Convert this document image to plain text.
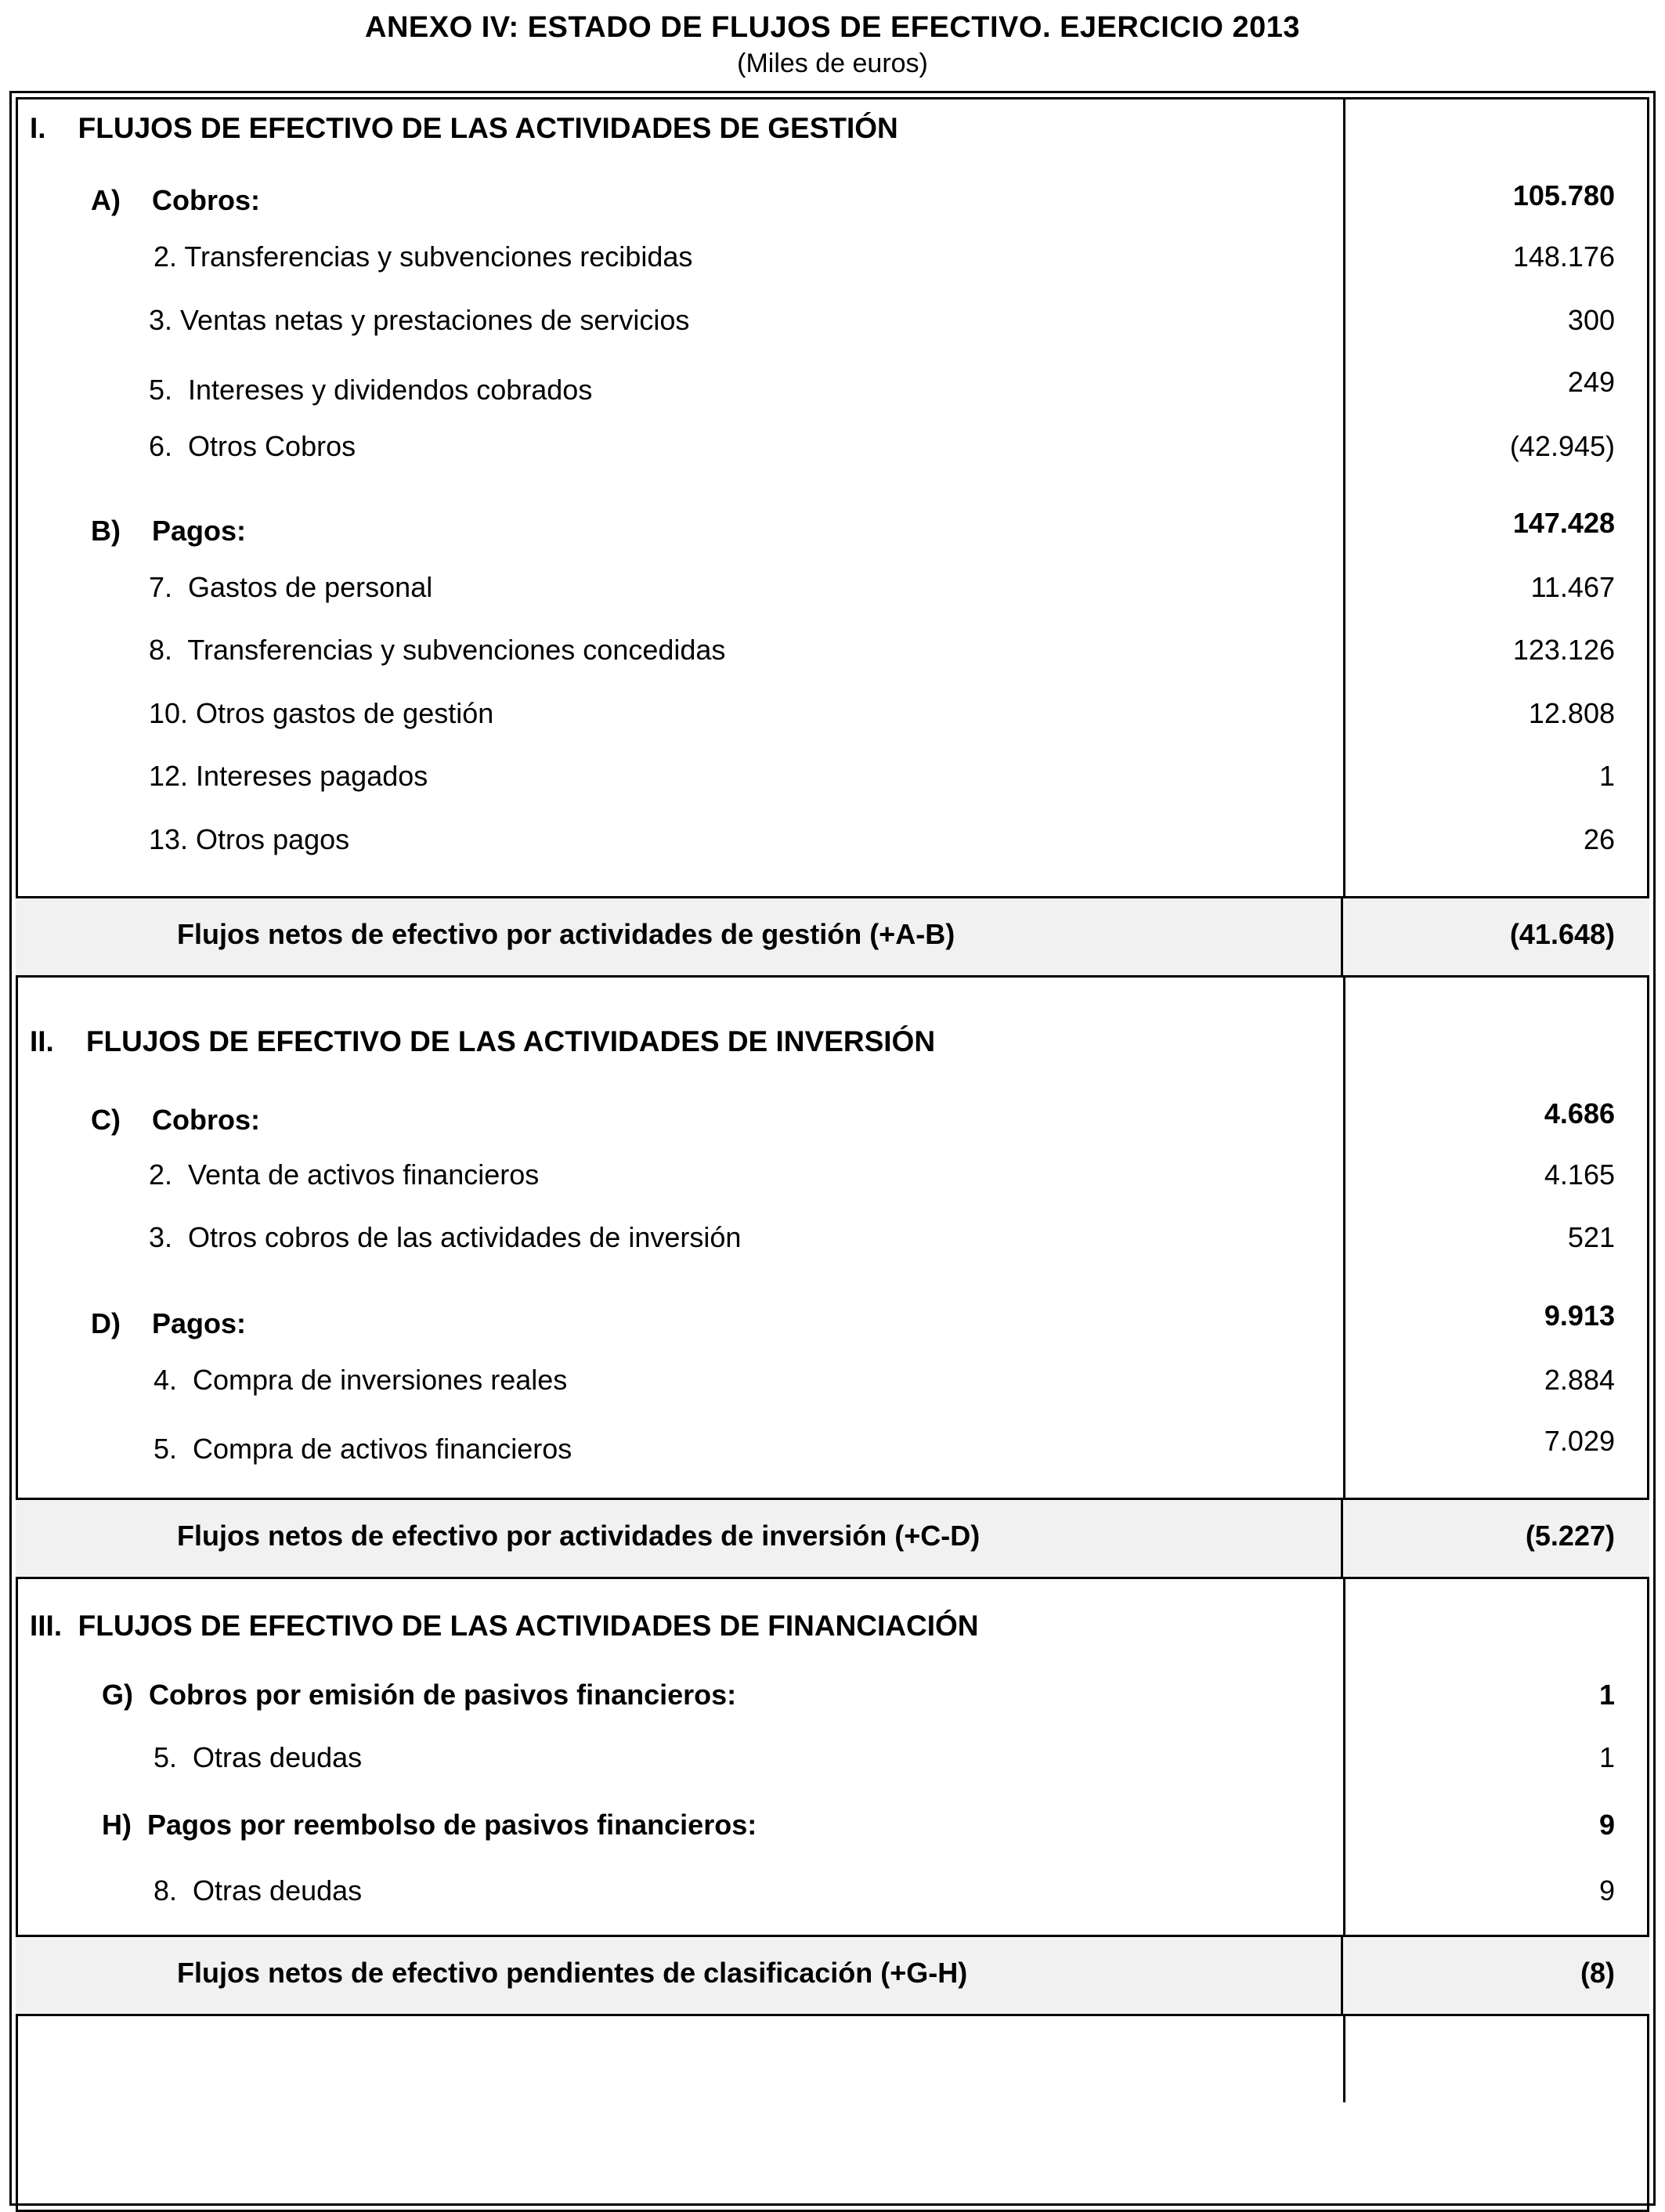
ANEXO IV: ESTADO DE FLUJOS DE EFECTIVO. EJERCICIO 2013
(Miles de euros)
I.    FLUJOS DE EFECTIVO DE LAS ACTIVIDADES DE GESTIÓN
A)    Cobros:	105.780
2. Transferencias y subvenciones recibidas	148.176
3. Ventas netas y prestaciones de servicios	300
5.  Intereses y dividendos cobrados	249
6.  Otros Cobros	(42.945)
B)    Pagos:	147.428
7.  Gastos de personal	11.467
8.  Transferencias y subvenciones concedidas	123.126
10. Otros gastos de gestión	12.808
12. Intereses pagados	1
13. Otros pagos	26
Flujos netos de efectivo por actividades de gestión (+A-B)	(41.648)
II.    FLUJOS DE EFECTIVO DE LAS ACTIVIDADES DE INVERSIÓN
C)    Cobros:	4.686
2.  Venta de activos financieros	4.165
3.  Otros cobros de las actividades de inversión	521
D)    Pagos:	9.913
4.  Compra de inversiones reales	2.884
5.  Compra de activos financieros	7.029
Flujos netos de efectivo por actividades de inversión (+C-D)	(5.227)
III.  FLUJOS DE EFECTIVO DE LAS ACTIVIDADES DE FINANCIACIÓN
G)  Cobros por emisión de pasivos financieros:	1
5.  Otras deudas	1
H)  Pagos por reembolso de pasivos financieros:	9
8.  Otras deudas	9
Flujos netos de efectivo pendientes de clasificación (+G-H)	(8)
